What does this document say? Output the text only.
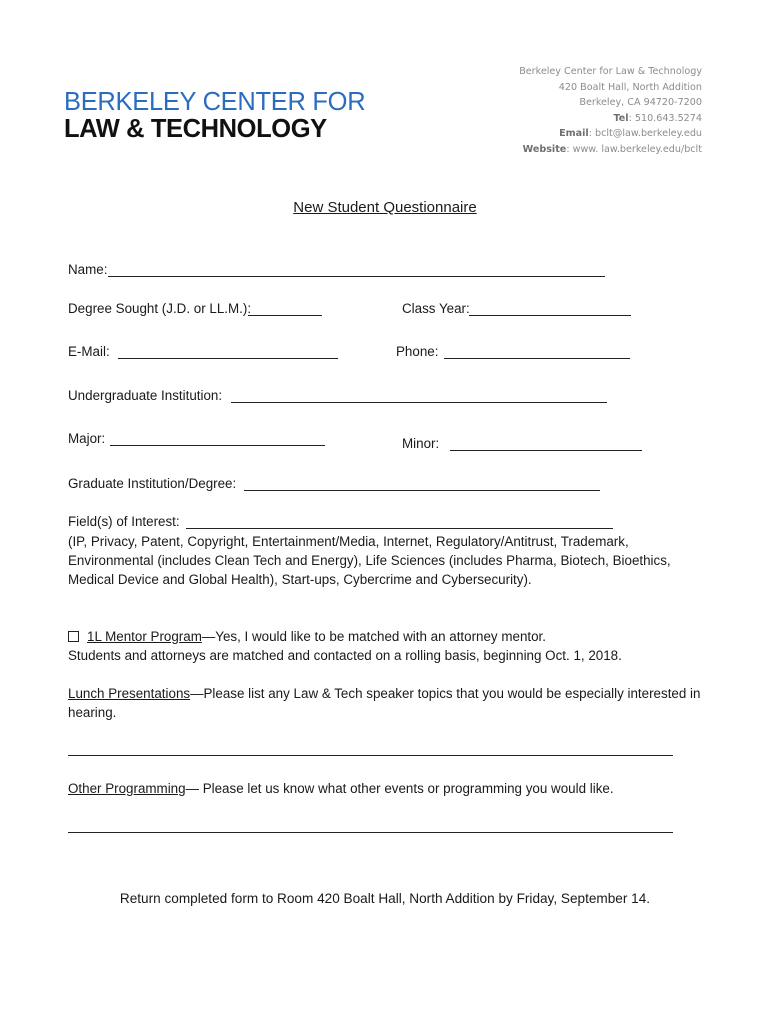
BERKELEY CENTER FOR
LAW & TECHNOLOGY
Berkeley Center for Law & Technology
420 Boalt Hall, North Addition
Berkeley, CA 94720-7200
Tel: 510.643.5274
Email: bclt@law.berkeley.edu
Website: www. law.berkeley.edu/bclt
New Student Questionnaire
Name:
Degree Sought (J.D. or LL.M.):	Class Year:
E-Mail:	Phone:
Undergraduate Institution:
Major:	Minor:
Graduate Institution/Degree:
Field(s) of Interest:
(IP, Privacy, Patent, Copyright, Entertainment/Media, Internet, Regulatory/Antitrust, Trademark,
Environmental (includes Clean Tech and Energy), Life Sciences (includes Pharma, Biotech, Bioethics,
Medical Device and Global Health), Start-ups, Cybercrime and Cybersecurity).
1L Mentor Program—Yes, I would like to be matched with an attorney mentor.
Students and attorneys are matched and contacted on a rolling basis, beginning Oct. 1, 2018.
Lunch Presentations—Please list any Law & Tech speaker topics that you would be especially interested in
hearing.
Other Programming— Please let us know what other events or programming you would like.
Return completed form to Room 420 Boalt Hall, North Addition by Friday, September 14.
